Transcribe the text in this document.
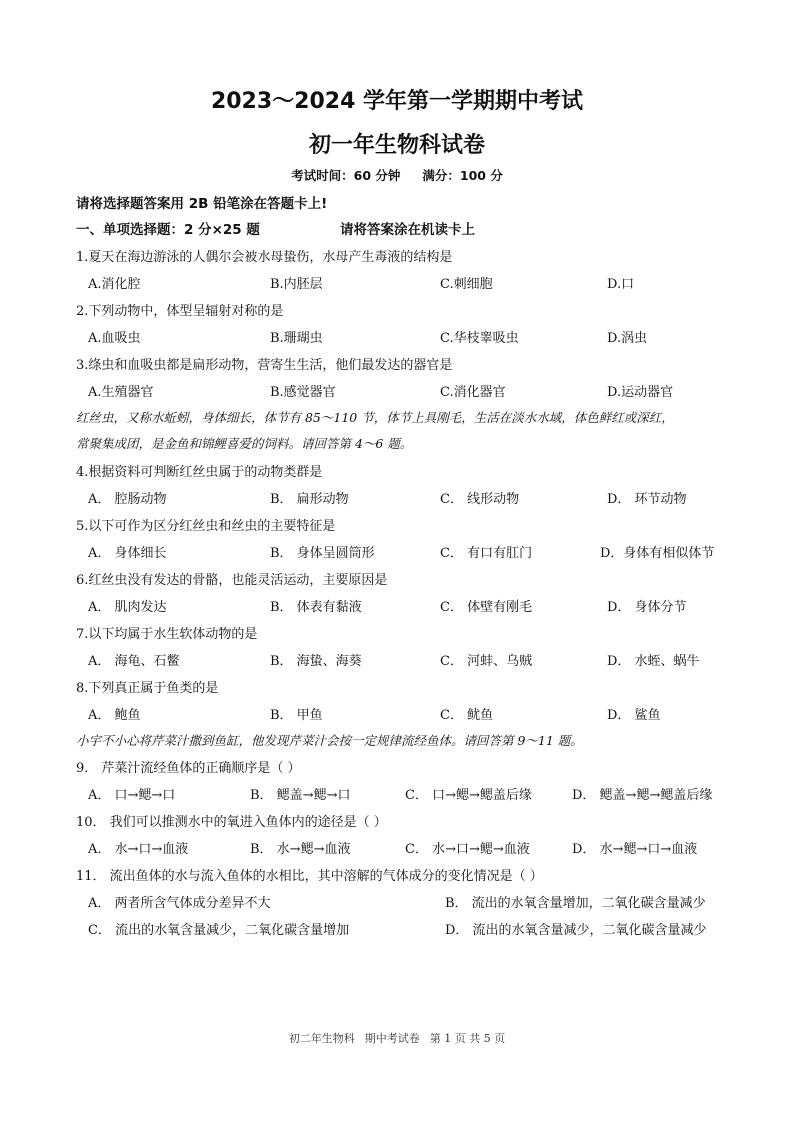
2023～2024 学年第一学期期中考试
初一年生物科试卷
考试时间：60 分钟 满分：100 分
请将选择题答案用 2B 铅笔涂在答题卡上!
一、单项选择题：2 分×25 题	请将答案涂在机读卡上
1.夏天在海边游泳的人偶尔会被水母蛰伤，水母产生毒液的结构是
A.消化腔	B.内胚层	C.刺细胞	D.口
2.下列动物中，体型呈辐射对称的是
A.血吸虫	B.珊瑚虫	C.华枝睾吸虫	D.涡虫
3.绦虫和血吸虫都是扁形动物，营寄生生活，他们最发达的器官是
A.生殖器官	B.感觉器官	C.消化器官	D.运动器官
红丝虫，又称水蚯蚓，身体细长，体节有 85～110 节，体节上具刚毛，生活在淡水水域，体色鲜红或深红，
常聚集成团，是金鱼和锦鲤喜爱的饲料。请回答第 4～6 题。
4.根据资料可判断红丝虫属于的动物类群是
A． 腔肠动物	B． 扁形动物	C． 线形动物	D． 环节动物
5.以下可作为区分红丝虫和丝虫的主要特征是
A． 身体细长	B． 身体呈圆筒形	C． 有口有肛门	D．身体有相似体节
6.红丝虫没有发达的骨骼，也能灵活运动，主要原因是
A． 肌肉发达	B． 体表有黏液	C． 体壁有刚毛	D． 身体分节
7.以下均属于水生软体动物的是
A． 海龟、石鳖	B． 海蛰、海葵	C． 河蚌、乌贼	D． 水蛭、蜗牛
8.下列真正属于鱼类的是
A． 鲍鱼	B． 甲鱼	C． 鱿鱼	D． 鲨鱼
小宇不小心将芹菜汁撒到鱼缸，他发现芹菜汁会按一定规律流经鱼体。请回答第 9～11 题。
9． 芹菜汁流经鱼体的正确顺序是（ ）
A． 口→鳃→口	B． 鳃盖→鳃→口	C． 口→鳃→鳃盖后缘	D． 鳃盖→鳃→鳃盖后缘
10． 我们可以推测水中的氧进入鱼体内的途径是（ ）
A． 水→口→血液	B． 水→鳃→血液	C． 水→口→鳃→血液	D． 水→鳃→口→血液
11． 流出鱼体的水与流入鱼体的水相比，其中溶解的气体成分的变化情况是（ ）
A． 两者所含气体成分差异不大	B． 流出的水氧含量增加，二氧化碳含量减少
C． 流出的水氧含量减少，二氧化碳含量增加	D． 流出的水氧含量减少，二氧化碳含量减少
初二年生物科 期中考试卷 第 1 页 共 5 页
